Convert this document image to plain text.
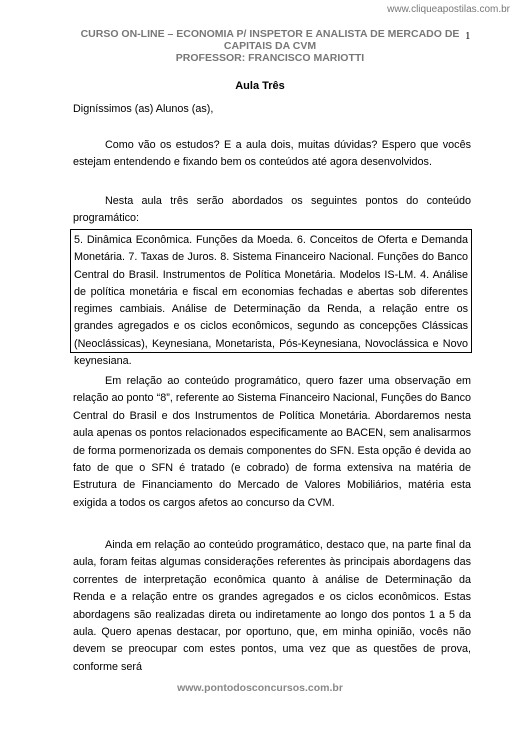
www.cliqueapostilas.com.br
CURSO ON-LINE – ECONOMIA P/ INSPETOR E ANALISTA DE MERCADO DE
CAPITAIS DA CVM
PROFESSOR: FRANCISCO MARIOTTI
1
Aula Três

Digníssimos (as) Alunos (as),

Como vão os estudos? E a aula dois, muitas dúvidas? Espero que vocês estejam entendendo e fixando bem os conteúdos até agora desenvolvidos.

Nesta aula três serão abordados os seguintes pontos do conteúdo programático:

5. Dinâmica Econômica. Funções da Moeda. 6. Conceitos de Oferta e Demanda Monetária. 7. Taxas de Juros. 8. Sistema Financeiro Nacional. Funções do Banco Central do Brasil. Instrumentos de Política Monetária. Modelos IS-LM. 4. Análise de política monetária e fiscal em economias fechadas e abertas sob diferentes regimes cambiais. Análise de Determinação da Renda, a relação entre os grandes agregados e os ciclos econômicos, segundo as concepções Clássicas (Neoclássicas), Keynesiana, Monetarista, Pós-Keynesiana, Novoclássica e Novo keynesiana.

Em relação ao conteúdo programático, quero fazer uma observação em relação ao ponto “8”, referente ao Sistema Financeiro Nacional, Funções do Banco Central do Brasil e dos Instrumentos de Política Monetária. Abordaremos nesta aula apenas os pontos relacionados especificamente ao BACEN, sem analisarmos de forma pormenorizada os demais componentes do SFN. Esta opção é devida ao fato de que o SFN é tratado (e cobrado) de forma extensiva na matéria de Estrutura de Financiamento do Mercado de Valores Mobiliários, matéria esta exigida a todos os cargos afetos ao concurso da CVM.

Ainda em relação ao conteúdo programático, destaco que, na parte final da aula, foram feitas algumas considerações referentes às principais abordagens das correntes de interpretação econômica quanto à análise de Determinação da Renda e a relação entre os grandes agregados e os ciclos econômicos. Estas abordagens são realizadas direta ou indiretamente ao longo dos pontos 1 a 5 da aula. Quero apenas destacar, por oportuno, que, em minha opinião, vocês não devem se preocupar com estes pontos, uma vez que as questões de prova, conforme será

www.pontodosconcursos.com.br
